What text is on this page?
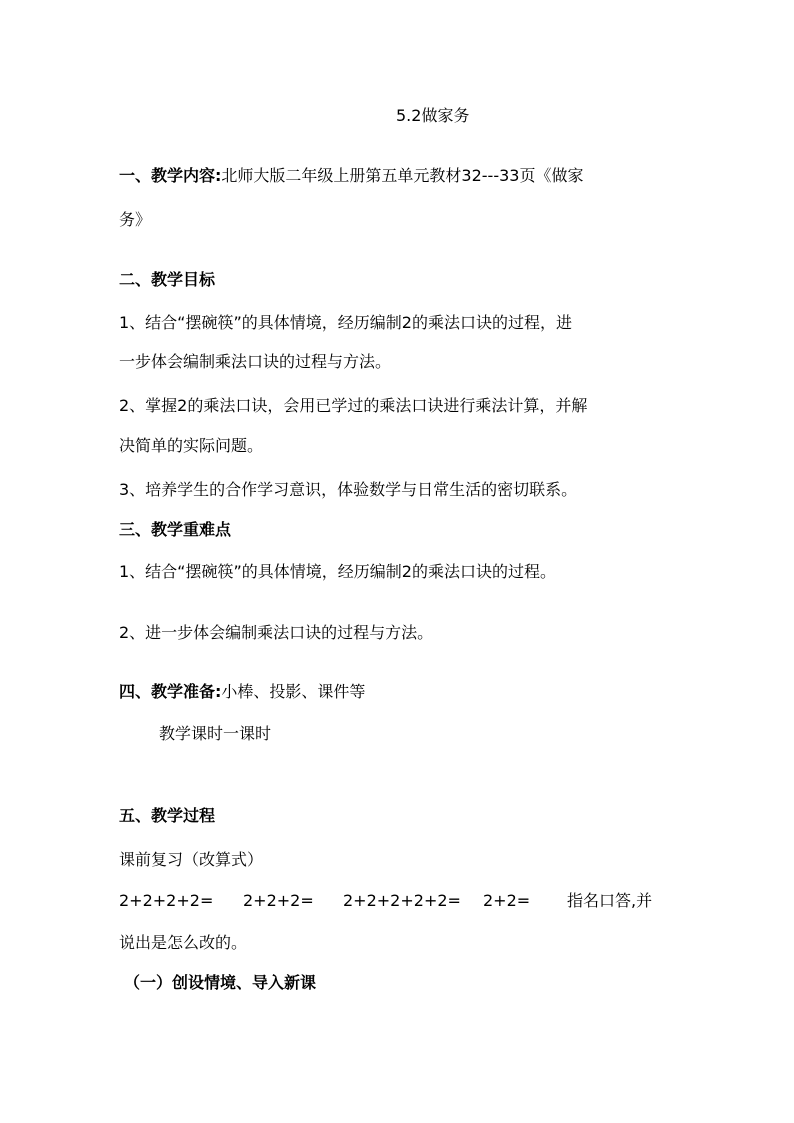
5.2做家务
一、教学内容:北师大版二年级上册第五单元教材32---33页《做家
务》
二、教学目标
1、结合“摆碗筷”的具体情境，经历编制2的乘法口诀的过程，进
一步体会编制乘法口诀的过程与方法。
2、掌握2的乘法口诀，会用已学过的乘法口诀进行乘法计算，并解
决简单的实际问题。
3、培养学生的合作学习意识，体验数学与日常生活的密切联系。
三、教学重难点
1、结合“摆碗筷”的具体情境，经历编制2的乘法口诀的过程。
2、进一步体会编制乘法口诀的过程与方法。
四、教学准备:小棒、投影、课件等
教学课时一课时
五、教学过程
课前复习（改算式）
2+2+2+2=	2+2+2=	2+2+2+2+2=	2+2=	指名口答,并
说出是怎么改的。
（一）创设情境、导入新课
